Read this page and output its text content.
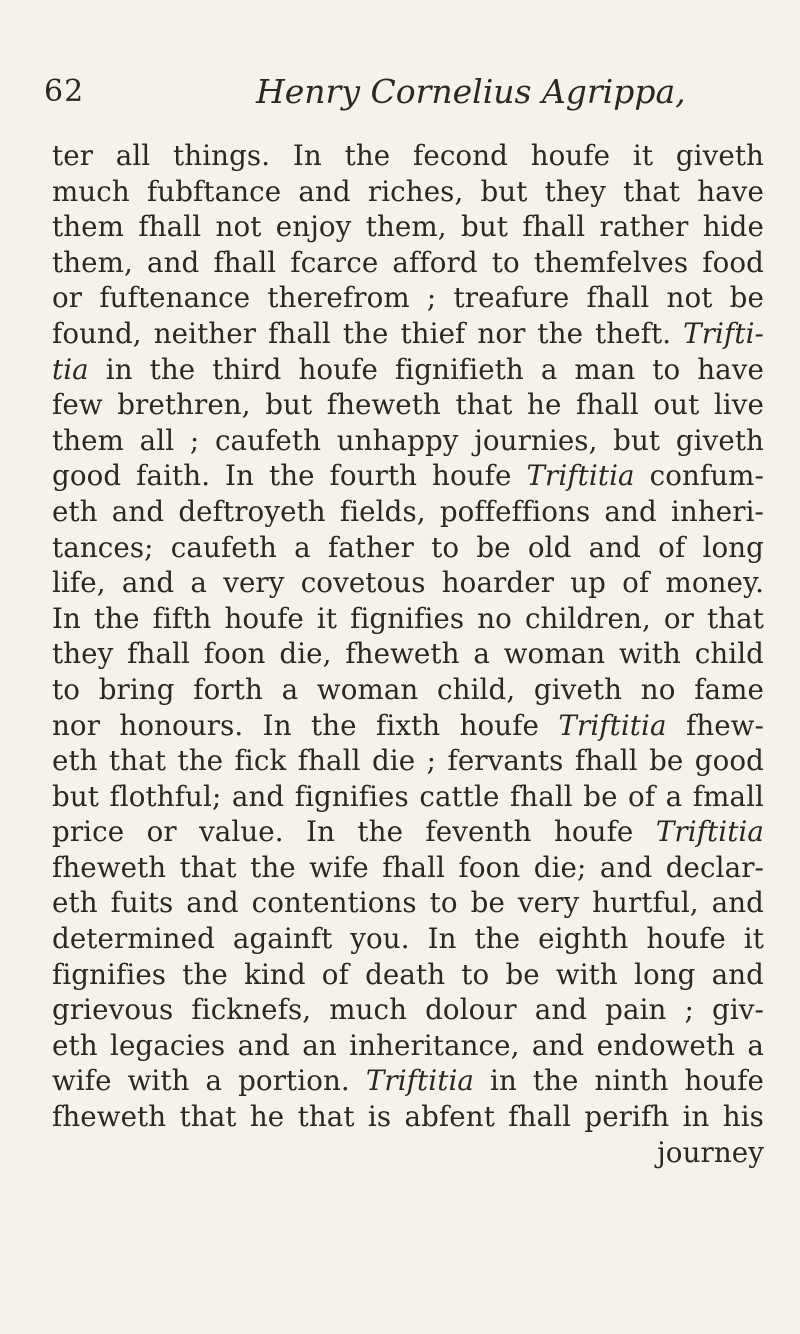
62	Henry Cornelius Agrippa,
ter all things. In the fecond houfe it giveth
much fubftance and riches, but they that have
them fhall not enjoy them, but fhall rather hide
them, and fhall fcarce afford to themfelves food
or fuftenance therefrom ; treafure fhall not be
found, neither fhall the thief nor the theft. Trifti-
tia in the third houfe fignifieth a man to have
few brethren, but fheweth that he fhall out live
them all ; caufeth unhappy journies, but giveth
good faith. In the fourth houfe Triftitia confum-
eth and deftroyeth fields, poffeffions and inheri-
tances; caufeth a father to be old and of long
life, and a very covetous hoarder up of money.
In the fifth houfe it fignifies no children, or that
they fhall foon die, fheweth a woman with child
to bring forth a woman child, giveth no fame
nor honours. In the fixth houfe Triftitia fhew-
eth that the fick fhall die ; fervants fhall be good
but flothful; and fignifies cattle fhall be of a fmall
price or value. In the feventh houfe Triftitia
fheweth that the wife fhall foon die; and declar-
eth fuits and contentions to be very hurtful, and
determined againft you. In the eighth houfe it
fignifies the kind of death to be with long and
grievous ficknefs, much dolour and pain ; giv-
eth legacies and an inheritance, and endoweth a
wife with a portion. Triftitia in the ninth houfe
fheweth that he that is abfent fhall perifh in his
journey
